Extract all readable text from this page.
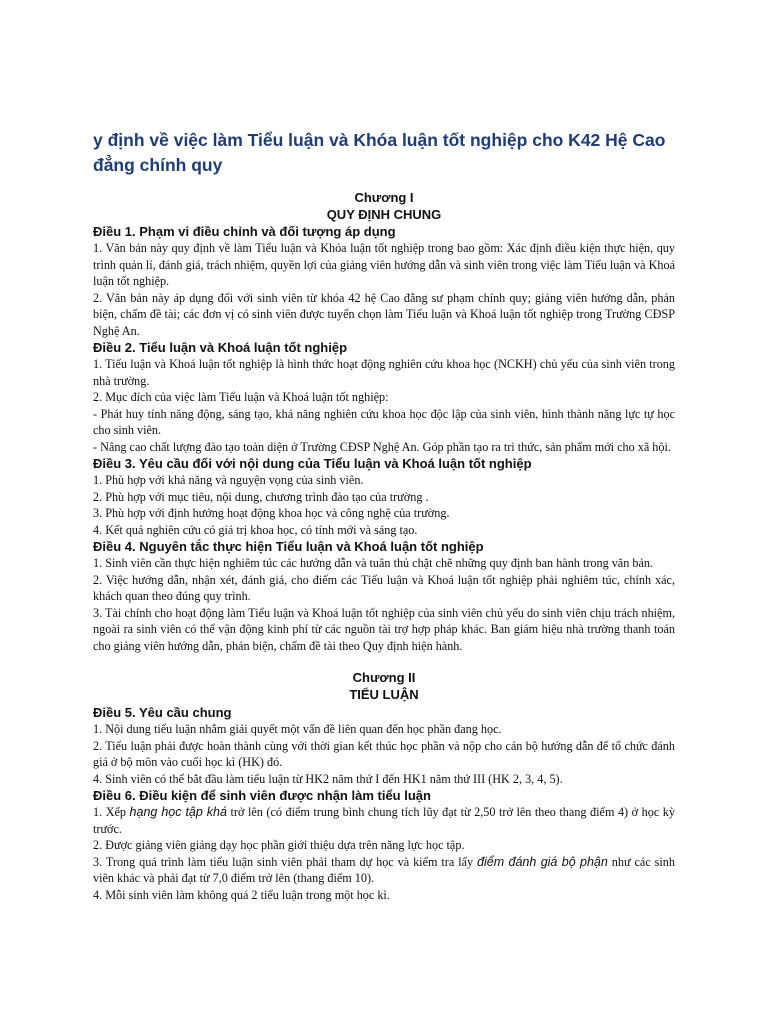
y định về việc làm Tiểu luận và Khóa luận tốt nghiệp cho K42 Hệ Cao đẳng chính quy
Chương I
QUY ĐỊNH CHUNG
Điều 1. Phạm vi điều chỉnh và đối tượng áp dụng

1. Văn bản này quy định về làm Tiểu luận và Khóa luận tốt nghiệp trong bao gồm: Xác định điều kiện thực hiện, quy trình quản lí, đánh giá, trách nhiệm, quyền lợi của giảng viên hướng dẫn và sinh viên trong việc làm Tiểu luận và Khoá luận tốt nghiệp.

2. Văn bản này áp dụng đối với sinh viên từ khóa 42 hệ Cao đẳng sư phạm chính quy; giảng viên hướng dẫn, phản biện, chấm đề tài; các đơn vị có sinh viên được tuyển chọn làm Tiểu luận và Khoá luận tốt nghiệp trong Trường CĐSP Nghệ An.

Điều 2. Tiểu luận và Khoá luận tốt nghiệp

1. Tiểu luận và Khoá luận tốt nghiệp là hình thức hoạt động nghiên cứu khoa học (NCKH) chủ yếu của sinh viên trong nhà trường.

2. Mục đích của việc làm Tiểu luận và Khoá luận tốt nghiệp:

- Phát huy tính năng động, sáng tạo, khả năng nghiên cứu khoa học độc lập của sinh viên, hình thành năng lực tự học cho sinh viên.

- Nâng cao chất lượng đào tạo toàn diện ở Trường CĐSP Nghệ An. Góp phần tạo ra tri thức, sản phẩm mới cho xã hội.

Điều 3. Yêu cầu đối với nội dung của Tiểu luận và Khoá luận tốt nghiệp

1. Phù hợp với khả năng và nguyện vọng của sinh viên.

2. Phù hợp với mục tiêu, nội dung, chương trình đào tạo của trường .

3. Phù hợp với định hướng hoạt động khoa học và công nghệ của trường.

4. Kết quả nghiên cứu có giá trị khoa học, có tính mới và sáng tạo.

Điều 4. Nguyên tắc thực hiện Tiểu luận và Khoá luận tốt nghiệp

1. Sinh viên cần thực hiện nghiêm túc các hướng dẫn và tuân thủ chặt chẽ những quy định ban hành trong văn bản.

2. Việc hướng dẫn, nhận xét, đánh giá, cho điểm các Tiểu luận và Khoá luận tốt nghiệp phải nghiêm túc, chính xác, khách quan theo đúng quy trình.

3. Tài chính cho hoạt động làm Tiểu luận và Khoá luận tốt nghiệp của sinh viên chủ yếu do sinh viên chịu trách nhiệm, ngoài ra sinh viên có thể vận động kinh phí từ các nguồn tài trợ hợp pháp khác. Ban giám hiệu nhà trường thanh toán cho giảng viên hướng dẫn, phản biện, chấm đề tài theo Quy định hiện hành.

Chương II
TIỂU LUẬN
Điều 5. Yêu cầu chung

1. Nội dung tiểu luận nhằm giải quyết một vấn đề liên quan đến học phần đang học.

2. Tiểu luận phải được hoàn thành cùng với thời gian kết thúc học phần và nộp cho cán bộ hướng dẫn để tổ chức đánh giá ở bộ môn vào cuối học kì (HK) đó.

4. Sinh viên có thể bắt đầu làm tiểu luận từ HK2 năm thứ I đến HK1 năm thứ III (HK 2, 3, 4, 5).

Điều 6. Điều kiện để sinh viên được nhận làm tiểu luận

1. Xếp hạng học tập khá trở lên (có điểm trung bình chung tích lũy đạt từ 2,50 trở lên theo thang điểm 4) ở học kỳ trước.

2. Được giảng viên giảng dạy học phần giới thiệu dựa trên năng lực học tập.

3. Trong quá trình làm tiểu luận sinh viên phải tham dự học và kiểm tra lấy điểm đánh giá bộ phận như các sinh viên khác và phải đạt từ 7,0 điểm trở lên (thang điểm 10).

4. Mỗi sinh viên làm không quá 2 tiểu luận trong một học kì.
